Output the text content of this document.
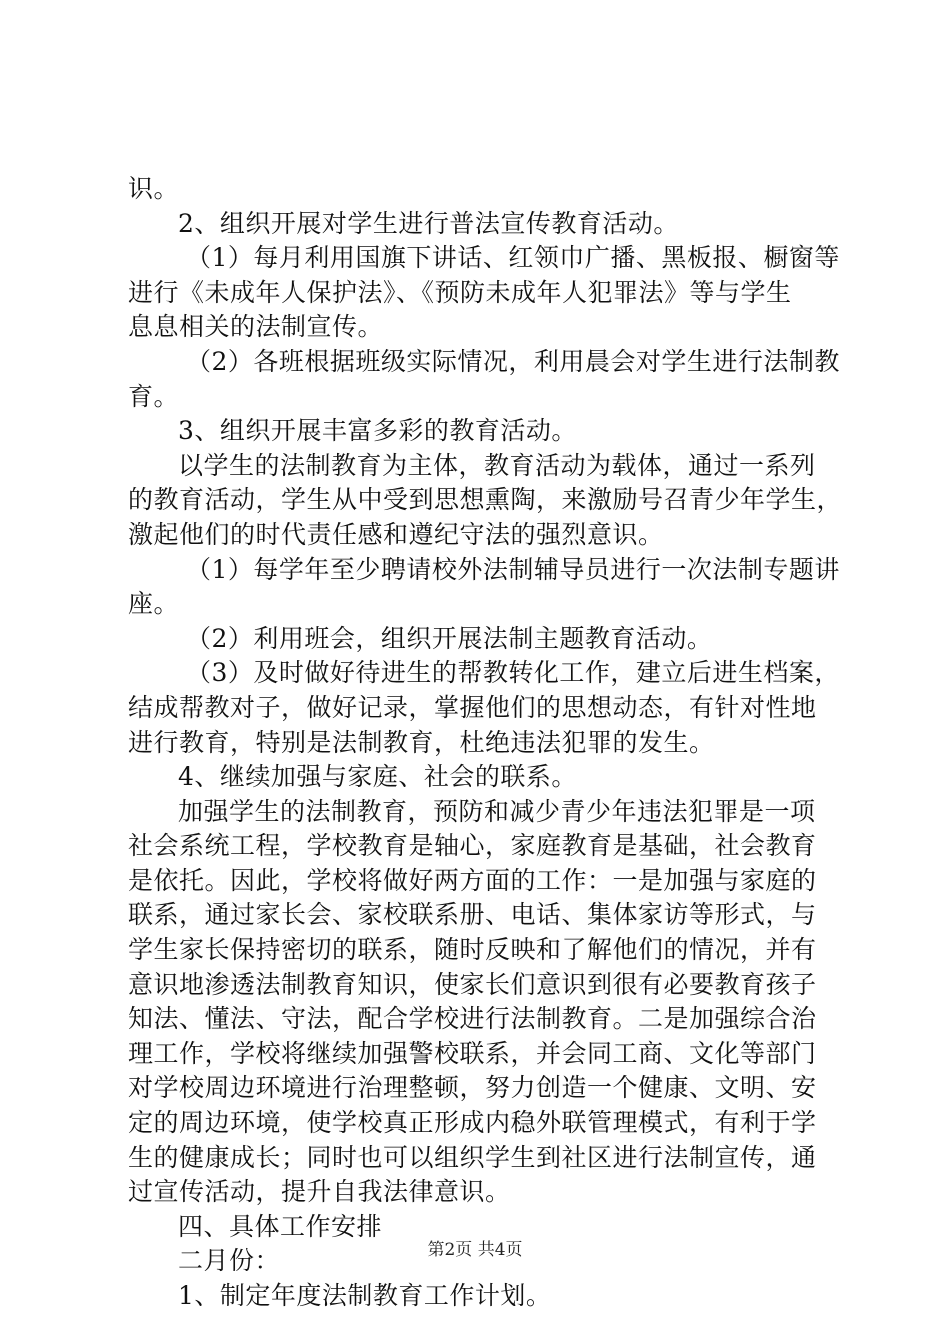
识。
2、组织开展对学生进行普法宣传教育活动。
（1）每月利用国旗下讲话、红领巾广播、黑板报、橱窗等
进行《未成年人保护法》、《预防未成年人犯罪法》等与学生
息息相关的法制宣传。
（2）各班根据班级实际情况，利用晨会对学生进行法制教
育。
3、组织开展丰富多彩的教育活动。
以学生的法制教育为主体，教育活动为载体，通过一系列
的教育活动，学生从中受到思想熏陶，来激励号召青少年学生，
激起他们的时代责任感和遵纪守法的强烈意识。
（1）每学年至少聘请校外法制辅导员进行一次法制专题讲
座。
（2）利用班会，组织开展法制主题教育活动。
（3）及时做好待进生的帮教转化工作，建立后进生档案，
结成帮教对子，做好记录，掌握他们的思想动态，有针对性地
进行教育，特别是法制教育，杜绝违法犯罪的发生。
4、继续加强与家庭、社会的联系。
加强学生的法制教育，预防和减少青少年违法犯罪是一项
社会系统工程，学校教育是轴心，家庭教育是基础，社会教育
是依托。因此，学校将做好两方面的工作：一是加强与家庭的
联系，通过家长会、家校联系册、电话、集体家访等形式，与
学生家长保持密切的联系，随时反映和了解他们的情况，并有
意识地渗透法制教育知识，使家长们意识到很有必要教育孩子
知法、懂法、守法，配合学校进行法制教育。二是加强综合治
理工作，学校将继续加强警校联系，并会同工商、文化等部门
对学校周边环境进行治理整顿，努力创造一个健康、文明、安
定的周边环境，使学校真正形成内稳外联管理模式，有利于学
生的健康成长；同时也可以组织学生到社区进行法制宣传，通
过宣传活动，提升自我法律意识。
四、具体工作安排
二月份：
1、制定年度法制教育工作计划。
第2页 共4页
